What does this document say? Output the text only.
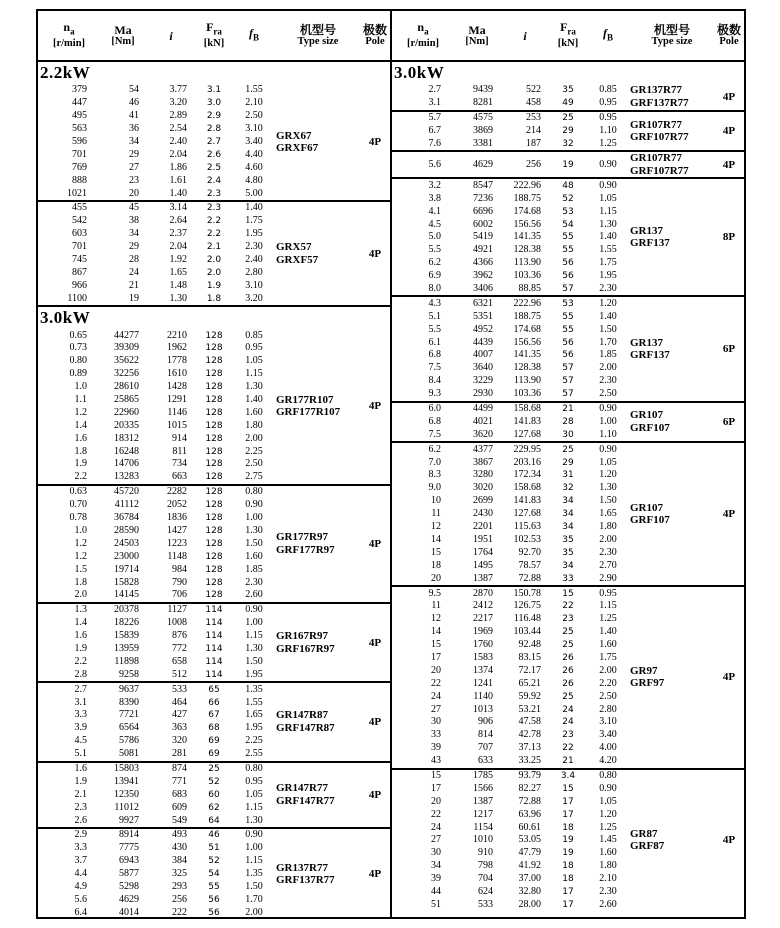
$n_a$
[r/min]
Ma
[Nm]	i
$F_{ra}$
[kN]
$f_B$
机型号
Type size
极数
Pole
2.2kW
379	54	3.77	3.1	1.55
447	46	3.20	3.0	2.10
495	41	2.89	2.9	2.50
563	36	2.54	2.8	3.10
596	34	2.40	2.7	3.40
701	29	2.04	2.6	4.40
769	27	1.86	2.5	4.60
888	23	1.61	2.4	4.80
1021	20	1.40	2.3	5.00
GRX67
GRXF67	4P
455	45	3.14	2.3	1.40
542	38	2.64	2.2	1.75
603	34	2.37	2.2	1.95
701	29	2.04	2.1	2.30
745	28	1.92	2.0	2.40
867	24	1.65	2.0	2.80
966	21	1.48	1.9	3.10
1100	19	1.30	1.8	3.20
GRX57
GRXF57	4P
3.0kW
0.65	44277	2210	128	0.85
0.73	39309	1962	128	0.95
0.80	35622	1778	128	1.05
0.89	32256	1610	128	1.15
1.0	28610	1428	128	1.30
1.1	25865	1291	128	1.40
1.2	22960	1146	128	1.60
1.4	20335	1015	128	1.80
1.6	18312	914	128	2.00
1.8	16248	811	128	2.25
1.9	14706	734	128	2.50
2.2	13283	663	128	2.75
GR177R107
GRF177R107	4P
0.63	45720	2282	128	0.80
0.70	41112	2052	128	0.90
0.78	36784	1836	128	1.00
1.0	28590	1427	128	1.30
1.2	24503	1223	128	1.50
1.2	23000	1148	128	1.60
1.5	19714	984	128	1.85
1.8	15828	790	128	2.30
2.0	14145	706	128	2.60
GR177R97
GRF177R97	4P
1.3	20378	1127	114	0.90
1.4	18226	1008	114	1.00
1.6	15839	876	114	1.15
1.9	13959	772	114	1.30
2.2	11898	658	114	1.50
2.8	9258	512	114	1.95
GR167R97
GRF167R97	4P
2.7	9637	533	65	1.35
3.1	8390	464	66	1.55
3.3	7721	427	67	1.65
3.9	6564	363	68	1.95
4.5	5786	320	69	2.25
5.1	5081	281	69	2.55
GR147R87
GRF147R87	4P
1.6	15803	874	25	0.80
1.9	13941	771	52	0.95
2.1	12350	683	60	1.05
2.3	11012	609	62	1.15
2.6	9927	549	64	1.30
GR147R77
GRF147R77	4P
2.9	8914	493	46	0.90
3.3	7775	430	51	1.00
3.7	6943	384	52	1.15
4.4	5877	325	54	1.35
4.9	5298	293	55	1.50
5.6	4629	256	56	1.70
6.4	4014	222	56	2.00
GR137R77
GRF137R77	4P
$n_a$
[r/min]
Ma
[Nm]	i
$F_{ra}$
[kN]
$f_B$
机型号
Type size
极数
Pole
3.0kW
2.7	9439	522	35	0.85
3.1	8281	458	49	0.95
GR137R77
GRF137R77	4P
5.7	4575	253	25	0.95
6.7	3869	214	29	1.10
7.6	3381	187	32	1.25
GR107R77
GRF107R77	4P
5.6	4629	256	19	0.90	GR107R77
GRF107R77	4P
3.2	8547	222.96	48	0.90
3.8	7236	188.75	52	1.05
4.1	6696	174.68	53	1.15
4.5	6002	156.56	54	1.30
5.0	5419	141.35	55	1.40
5.5	4921	128.38	55	1.55
6.2	4366	113.90	56	1.75
6.9	3962	103.36	56	1.95
8.0	3406	88.85	57	2.30
GR137
GRF137	8P
4.3	6321	222.96	53	1.20
5.1	5351	188.75	55	1.40
5.5	4952	174.68	55	1.50
6.1	4439	156.56	56	1.70
6.8	4007	141.35	56	1.85
7.5	3640	128.38	57	2.00
8.4	3229	113.90	57	2.30
9.3	2930	103.36	57	2.50
GR137
GRF137	6P
6.0	4499	158.68	21	0.90
6.8	4021	141.83	28	1.00
7.5	3620	127.68	30	1.10
GR107
GRF107	6P
6.2	4377	229.95	25	0.90
7.0	3867	203.16	29	1.05
8.3	3280	172.34	31	1.20
9.0	3020	158.68	32	1.30
10	2699	141.83	34	1.50
11	2430	127.68	34	1.65
12	2201	115.63	34	1.80
14	1951	102.53	35	2.00
15	1764	92.70	35	2.30
18	1495	78.57	34	2.70
20	1387	72.88	33	2.90
GR107
GRF107	4P
9.5	2870	150.78	15	0.95
11	2412	126.75	22	1.15
12	2217	116.48	23	1.25
14	1969	103.44	25	1.40
15	1760	92.48	25	1.60
17	1583	83.15	26	1.75
20	1374	72.17	26	2.00
22	1241	65.21	26	2.20
24	1140	59.92	25	2.50
27	1013	53.21	24	2.80
30	906	47.58	24	3.10
33	814	42.78	23	3.40
39	707	37.13	22	4.00
43	633	33.25	21	4.20
GR97
GRF97	4P
15	1785	93.79	3.4	0.80
17	1566	82.27	15	0.90
20	1387	72.88	17	1.05
22	1217	63.96	17	1.20
24	1154	60.61	18	1.25
27	1010	53.05	19	1.45
30	910	47.79	19	1.60
34	798	41.92	18	1.80
39	704	37.00	18	2.10
44	624	32.80	17	2.30
51	533	28.00	17	2.60
GR87
GRF87	4P
